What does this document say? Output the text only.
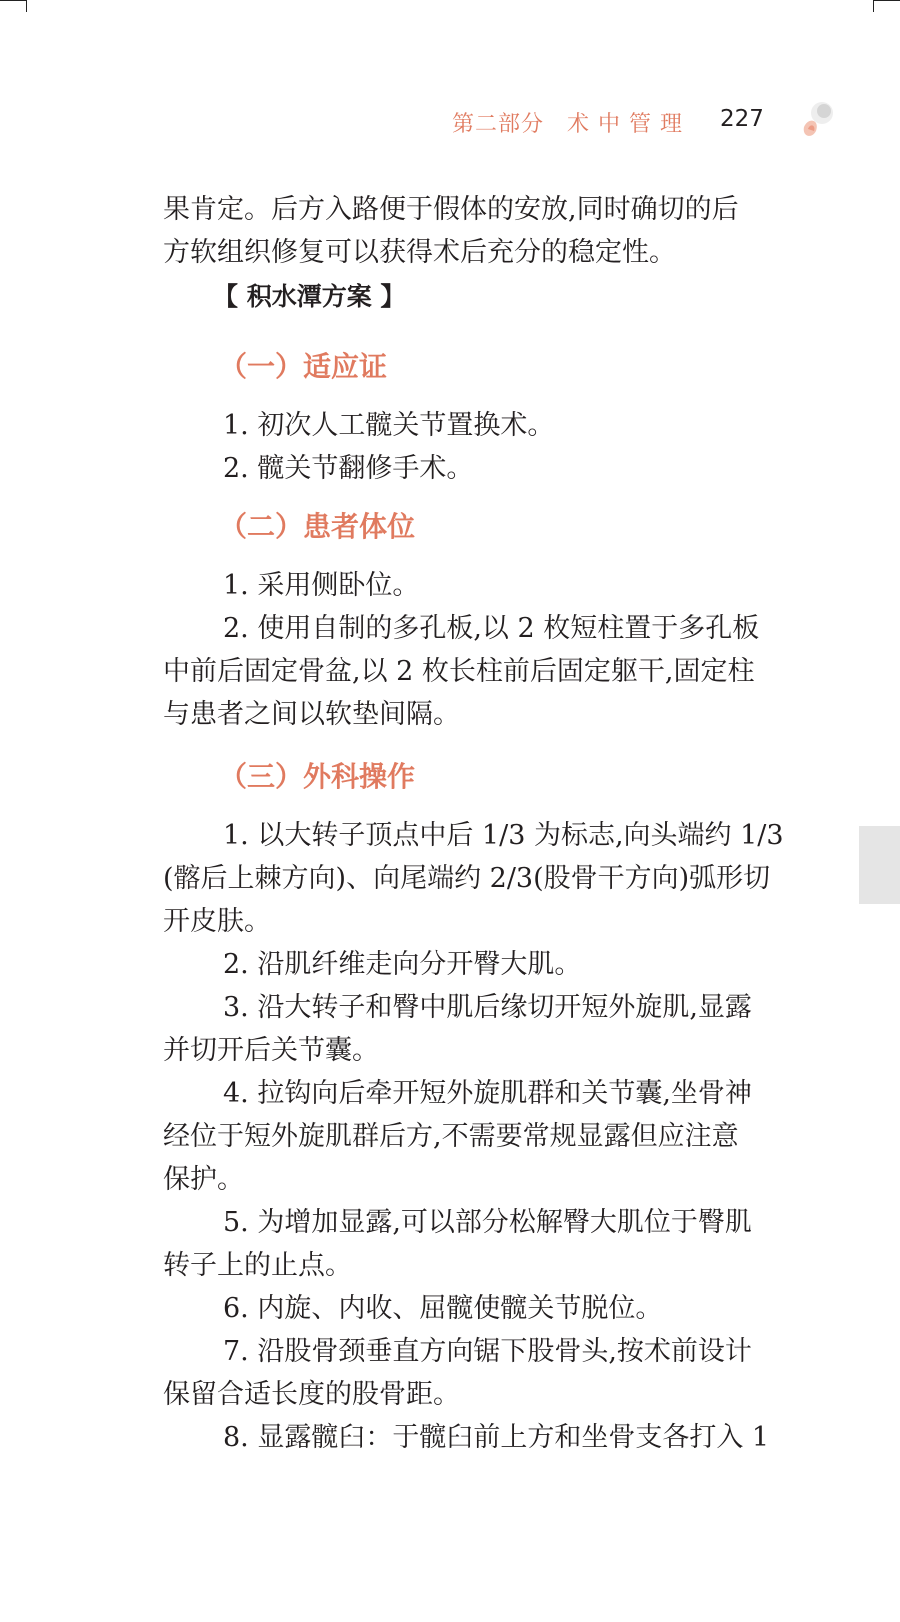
第二部分　术 中 管 理 227

果肯定。后方入路便于假体的安放,同时确切的后

方软组织修复可以获得术后充分的稳定性。

【 积水潭方案 】

（一）适应证

1. 初次人工髋关节置换术。

2. 髋关节翻修手术。

（二）患者体位

1. 采用侧卧位。

2. 使用自制的多孔板,以 2 枚短柱置于多孔板

中前后固定骨盆,以 2 枚长柱前后固定躯干,固定柱

与患者之间以软垫间隔。

（三）外科操作

1. 以大转子顶点中后 1/3 为标志,向头端约 1/3

(髂后上棘方向)、向尾端约 2/3(股骨干方向)弧形切

开皮肤。

2. 沿肌纤维走向分开臀大肌。

3. 沿大转子和臀中肌后缘切开短外旋肌,显露

并切开后关节囊。

4. 拉钩向后牵开短外旋肌群和关节囊,坐骨神

经位于短外旋肌群后方,不需要常规显露但应注意

保护。

5. 为增加显露,可以部分松解臀大肌位于臀肌

转子上的止点。

6. 内旋、内收、屈髋使髋关节脱位。

7. 沿股骨颈垂直方向锯下股骨头,按术前设计

保留合适长度的股骨距。

8. 显露髋臼：于髋臼前上方和坐骨支各打入 1
